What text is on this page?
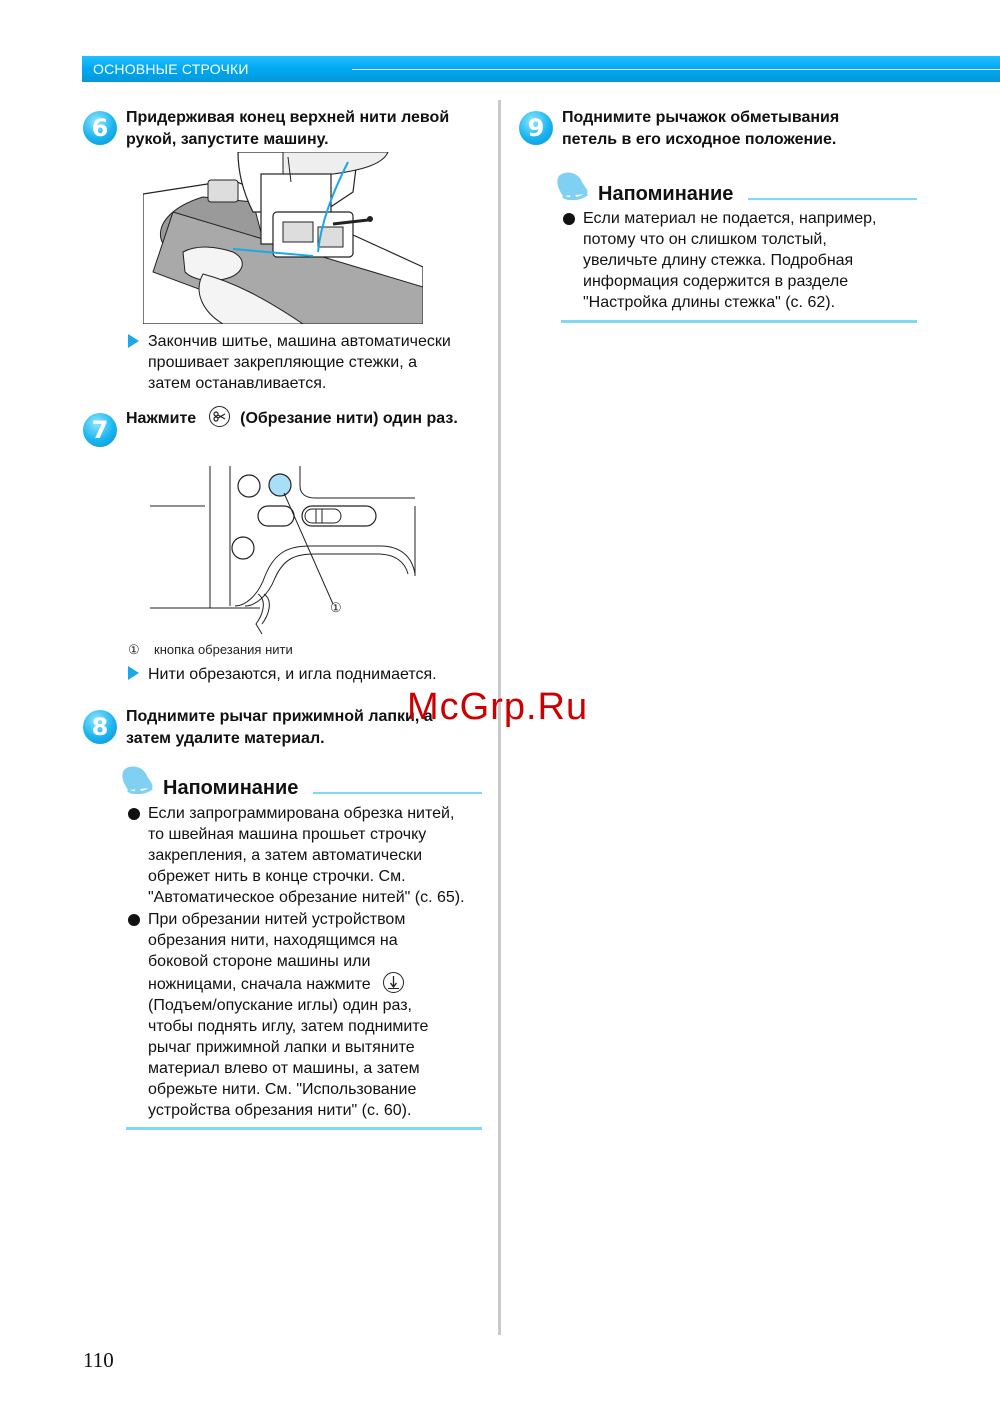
ОСНОВНЫЕ СТРОЧКИ
6	Придерживая конец верхней нити левой
рукой, запустите машину.
Закончив шитье, машина автоматически
прошивает закрепляющие стежки, а
затем останавливается.
7	Нажмите	(Обрезание нити) один раз.
①
① кнопка обрезания нити
Нити обрезаются, и игла поднимается.
8	Поднимите рычаг прижимной лапки, а
затем удалите материал.
Напоминание
Если запрограммирована обрезка нитей,
то швейная машина прошьет строчку
закрепления, а затем автоматически
обрежет нить в конце строчки. См.
"Автоматическое обрезание нитей" (с. 65).
При обрезании нитей устройством
обрезания нити, находящимся на
боковой стороне машины или
ножницами, сначала нажмите
(Подъем/опускание иглы) один раз,
чтобы поднять иглу, затем поднимите
рычаг прижимной лапки и вытяните
материал влево от машины, а затем
обрежьте нити. См. "Использование
устройства обрезания нити" (с. 60).
9	Поднимите рычажок обметывания
петель в его исходное положение.
Напоминание
Если материал не подается, например,
потому что он слишком толстый,
увеличьте длину стежка. Подробная
информация содержится в разделе
"Настройка длины стежка" (с. 62).
McGrp.Ru
110
